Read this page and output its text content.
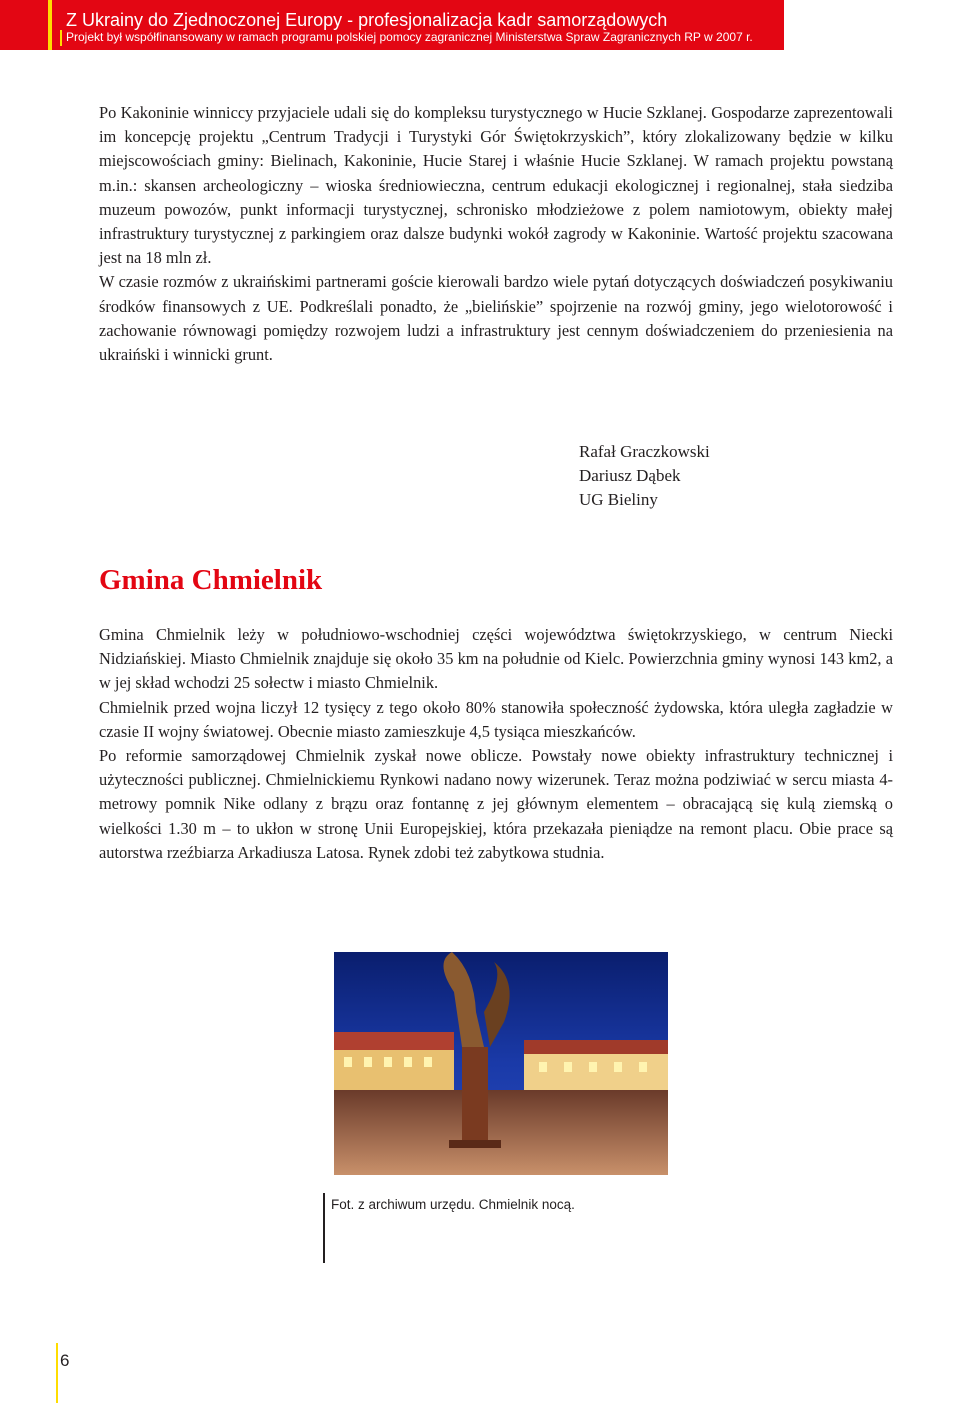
Z Ukrainy do Zjednoczonej Europy - profesjonalizacja kadr samorządowych
Projekt był współfinansowany w ramach programu polskiej pomocy zagranicznej Ministerstwa Spraw Zagranicznych RP w 2007 r.

Po Kakoninie winniccy przyjaciele udali się do kompleksu turystycznego w Hucie Szklanej. Gospodarze zaprezentowali im koncepcję projektu „Centrum Tradycji i Turystyki Gór Świętokrzyskich”, który zlokalizowany będzie w kilku miejscowościach gminy: Bielinach, Kakoninie, Hucie Starej i właśnie Hucie Szklanej. W ramach projektu powstaną m.in.: skansen archeologiczny – wioska średniowieczna, centrum edukacji ekologicznej i regionalnej, stała siedziba muzeum powozów, punkt informacji turystycznej, schronisko młodzieżowe z polem namiotowym, obiekty małej infrastruktury turystycznej z parkingiem oraz dalsze budynki wokół zagrody w Kakoninie. Wartość projektu szacowana jest na 18 mln zł.

W czasie rozmów z ukraińskimi partnerami goście kierowali bardzo wiele pytań dotyczących doświadczeń posykiwaniu środków finansowych z UE. Podkreślali ponadto, że „bielińskie” spojrzenie na rozwój gminy, jego wielotorowość i zachowanie równowagi pomiędzy rozwojem ludzi a infrastruktury jest cennym doświadczeniem do przeniesienia na ukraiński i winnicki grunt.

Rafał Graczkowski
Dariusz Dąbek
UG Bieliny
Gmina Chmielnik

Gmina Chmielnik leży w południowo-wschodniej części województwa świętokrzyskiego, w centrum Niecki Nidziańskiej. Miasto Chmielnik znajduje się około 35 km na południe od Kielc. Powierzchnia gminy wynosi 143 km2, a w jej skład wchodzi 25 sołectw i miasto Chmielnik.

Chmielnik przed wojna liczył 12 tysięcy z tego około 80% stanowiła społeczność żydowska, która uległa zagładzie w czasie II wojny światowej. Obecnie miasto zamieszkuje 4,5 tysiąca mieszkańców.

Po reformie samorządowej Chmielnik zyskał nowe oblicze. Powstały nowe obiekty infrastruktury technicznej i użyteczności publicznej. Chmielnickiemu Rynkowi nadano nowy wizerunek. Teraz można podziwiać w sercu miasta 4-metrowy pomnik Nike odlany z brązu oraz fontannę z jej głównym elementem – obracającą się kulą ziemską o wielkości 1.30 m – to ukłon w stronę Unii Europejskiej, która przekazała pieniądze na remont placu. Obie prace są autorstwa rzeźbiarza Arkadiusza Latosa. Rynek zdobi też zabytkowa studnia.

Fot. z archiwum urzędu. Chmielnik nocą.
6
